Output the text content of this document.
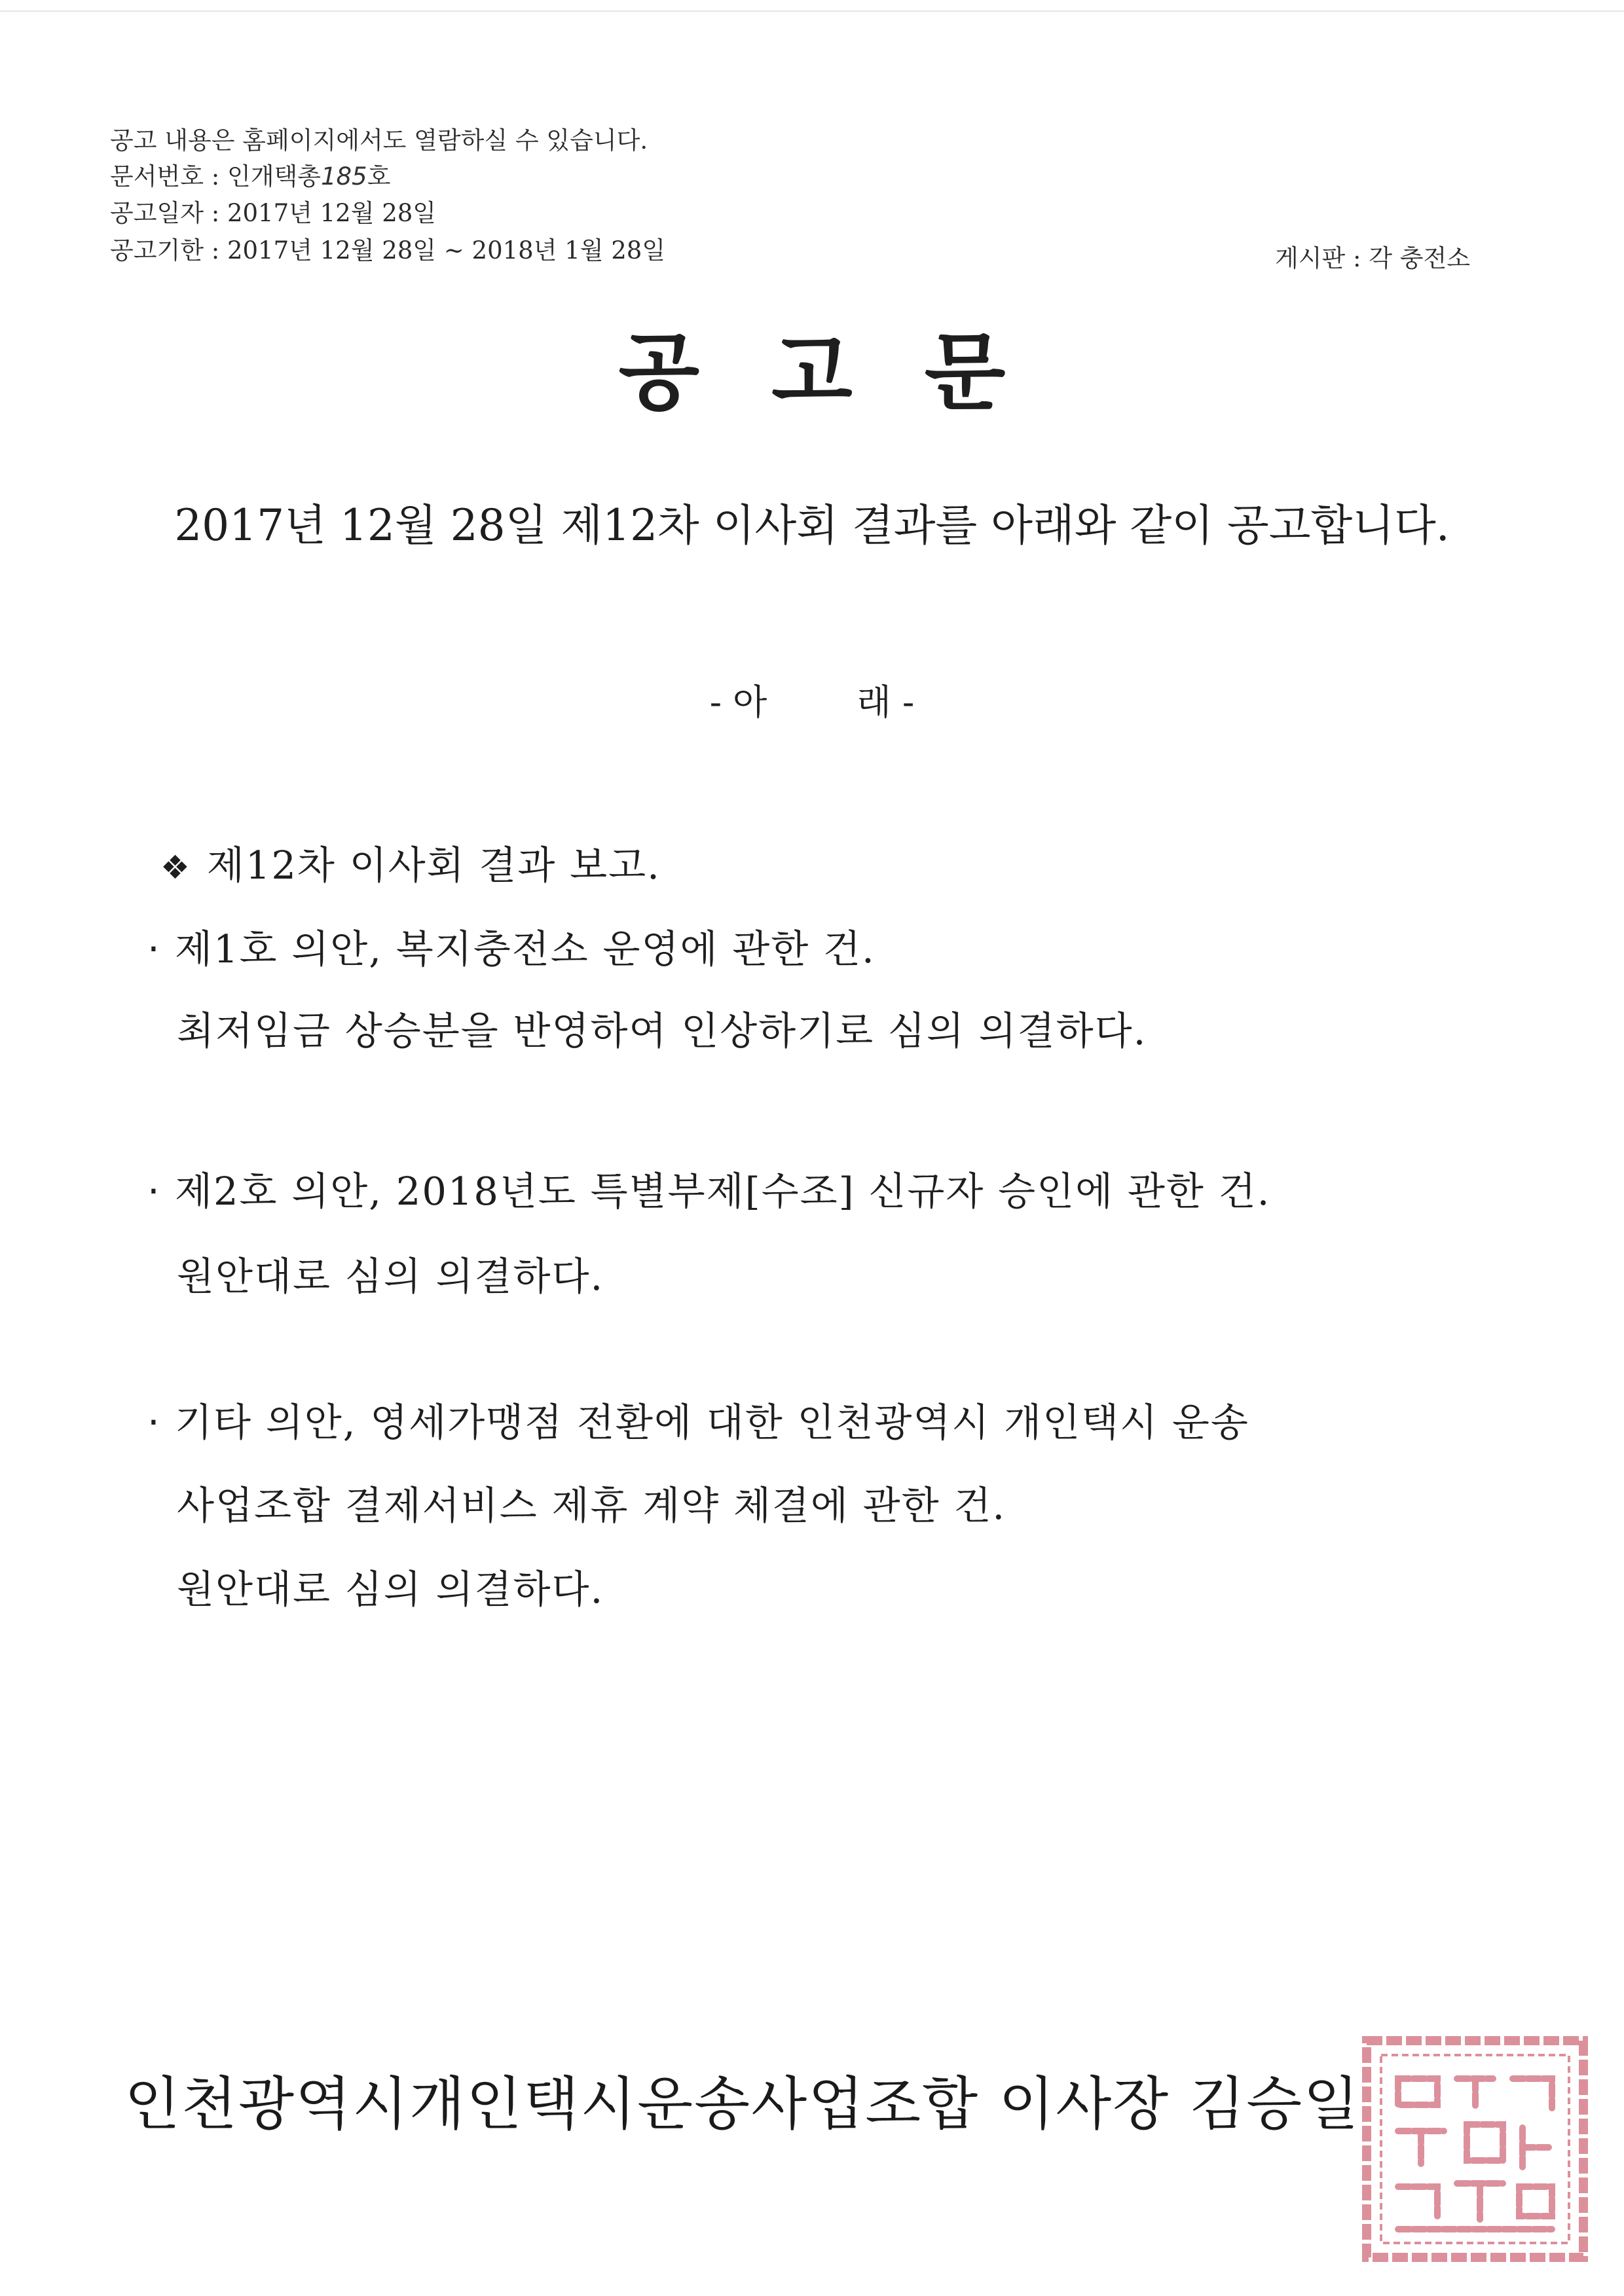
공고 내용은 홈페이지에서도 열람하실 수 있습니다.
문서번호 : 인개택총185호
공고일자 : 2017년 12월 28일
공고기한 : 2017년 12월 28일 ~ 2018년 1월 28일	게시판 : 각 충전소
공고문
2017년 12월 28일 제12차 이사회 결과를 아래와 같이 공고합니다.
- 아        래 -
❖ 제12차 이사회 결과 보고.
· 제1호 의안, 복지충전소 운영에 관한 건.
최저임금 상승분을 반영하여 인상하기로 심의 의결하다.
· 제2호 의안, 2018년도 특별부제[수조] 신규자 승인에 관한 건.
원안대로 심의 의결하다.
· 기타 의안, 영세가맹점 전환에 대한 인천광역시 개인택시 운송
사업조합 결제서비스 제휴 계약 체결에 관한 건.
원안대로 심의 의결하다.
인천광역시개인택시운송사업조합 이사장 김승일
